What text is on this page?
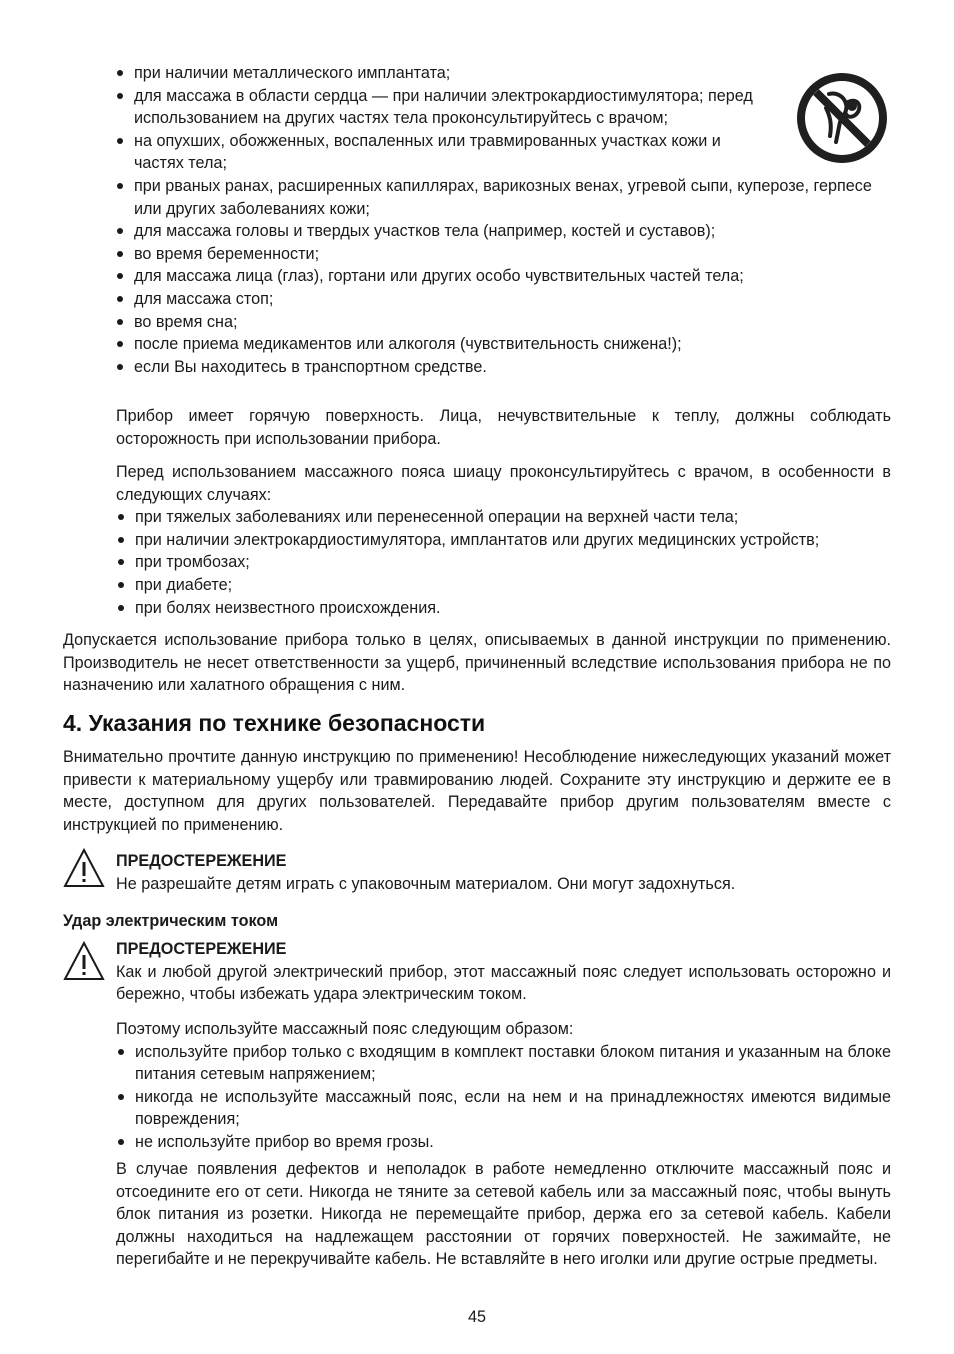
при наличии металлического имплантата;
для массажа в области сердца — при наличии электрокардиостимулятора; перед использованием на других частях тела проконсультируйтесь с врачом;
на опухших, обожженных, воспаленных или травмированных участках кожи и частях тела;
при рваных ранах, расширенных капиллярах, варикозных венах, угревой сыпи, куперозе, герпесе или других заболеваниях кожи;
для массажа головы и твердых участков тела (например, костей и суставов);
во время беременности;
для массажа лица (глаз), гортани или других особо чувствительных частей тела;
для массажа стоп;
во время сна;
после приема медикаментов или алкоголя (чувствительность снижена!);
если Вы находитесь в транспортном средстве.

Прибор имеет горячую поверхность. Лица, нечувствительные к теплу, должны соблюдать осторожность при использовании прибора.

Перед использованием массажного пояса шиацу проконсультируйтесь с врачом, в особенности в следующих случаях:

при тяжелых заболеваниях или перенесенной операции на верхней части тела;
при наличии электрокардиостимулятора, имплантатов или других медицинских устройств;
при тромбозах;
при диабете;
при болях неизвестного происхождения.

Допускается использование прибора только в целях, описываемых в данной инструкции по применению. Производитель не несет ответственности за ущерб, причиненный вследствие использования прибора не по назначению или халатного обращения с ним.

4. Указания по технике безопасности

Внимательно прочтите данную инструкцию по применению! Несоблюдение нижеследующих указаний может привести к материальному ущербу или травмированию людей. Сохраните эту инструкцию и держите ее в месте, доступном для других пользователей. Передавайте прибор другим пользователям вместе с инструкцией по применению.

ПРЕДОСТЕРЕЖЕНИЕ

Не разрешайте детям играть с упаковочным материалом. Они могут задохнуться.

Удар электрическим током

ПРЕДОСТЕРЕЖЕНИЕ

Как и любой другой электрический прибор, этот массажный пояс следует использовать осторожно и бережно, чтобы избежать удара электрическим током.

Поэтому используйте массажный пояс следующим образом:

используйте прибор только с входящим в комплект поставки блоком питания и указанным на блоке питания сетевым напряжением;
никогда не используйте массажный пояс, если на нем и на принадлежностях имеются видимые повреждения;
не используйте прибор во время грозы.

В случае появления дефектов и неполадок в работе немедленно отключите массажный пояс и отсоедините его от сети. Никогда не тяните за сетевой кабель или за массажный пояс, чтобы вынуть блок питания из розетки. Никогда не перемещайте прибор, держа его за сетевой кабель. Кабели должны находиться на надлежащем расстоянии от горячих поверхностей. Не зажимайте, не перегибайте и не перекручивайте кабель. Не вставляйте в него иголки или другие острые предметы.

45
